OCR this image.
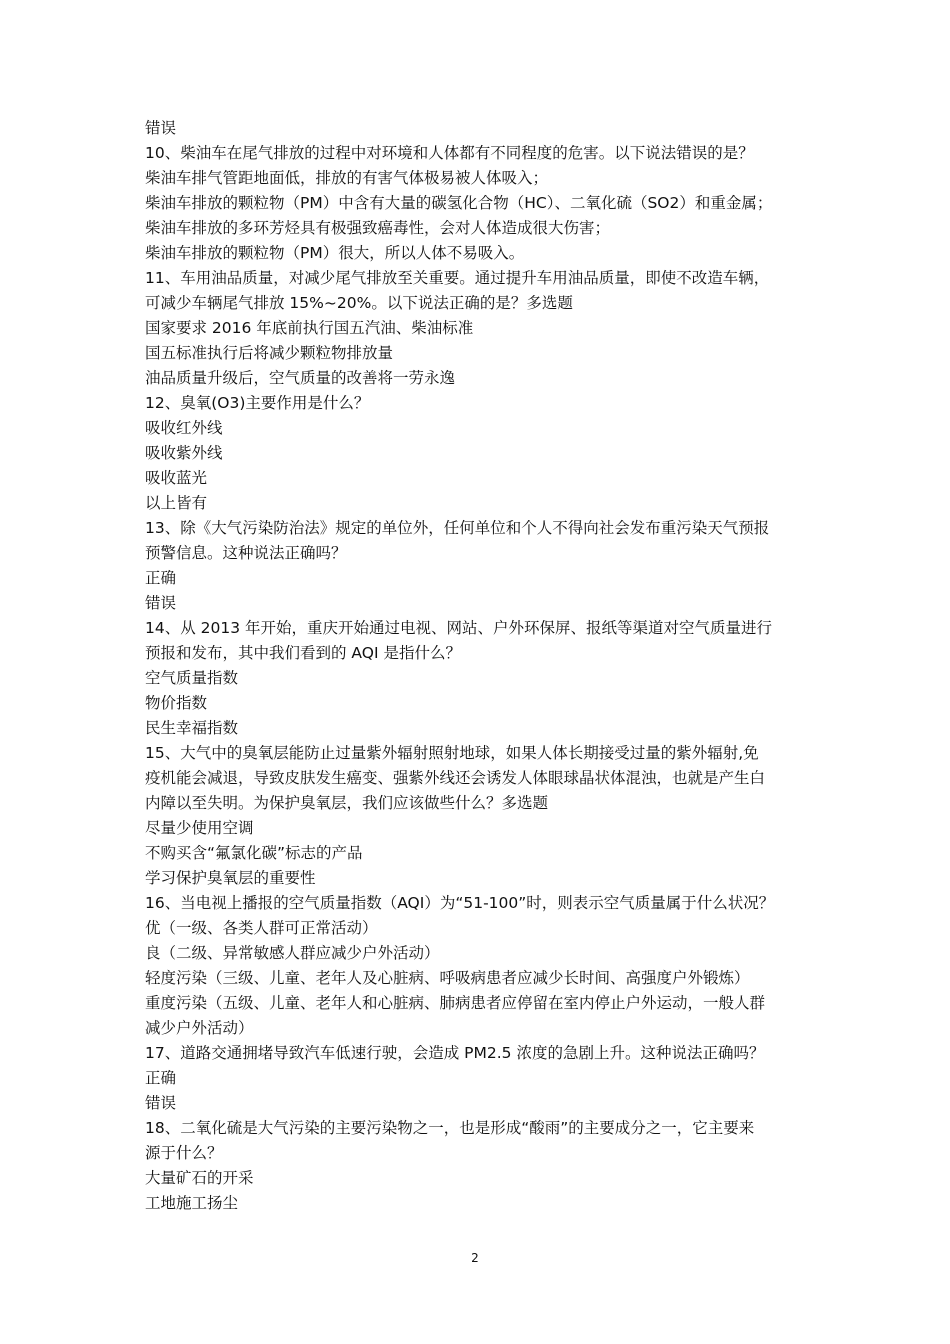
错误
10、柴油车在尾气排放的过程中对环境和人体都有不同程度的危害。以下说法错误的是？
柴油车排气管距地面低，排放的有害气体极易被人体吸入；
柴油车排放的颗粒物（PM）中含有大量的碳氢化合物（HC）、二氧化硫（SO2）和重金属；
柴油车排放的多环芳烃具有极强致癌毒性，会对人体造成很大伤害；
柴油车排放的颗粒物（PM）很大，所以人体不易吸入。
11、车用油品质量，对减少尾气排放至关重要。通过提升车用油品质量，即使不改造车辆，
可减少车辆尾气排放 15%~20%。以下说法正确的是？多选题
国家要求 2016 年底前执行国五汽油、柴油标准
国五标准执行后将减少颗粒物排放量
油品质量升级后，空气质量的改善将一劳永逸
12、臭氧(O3)主要作用是什么？
吸收红外线
吸收紫外线
吸收蓝光
以上皆有
13、除《大气污染防治法》规定的单位外，任何单位和个人不得向社会发布重污染天气预报
预警信息。这种说法正确吗？
正确
错误
14、从 2013 年开始，重庆开始通过电视、网站、户外环保屏、报纸等渠道对空气质量进行
预报和发布，其中我们看到的 AQI 是指什么？
空气质量指数
物价指数
民生幸福指数
15、大气中的臭氧层能防止过量紫外辐射照射地球，如果人体长期接受过量的紫外辐射,免
疫机能会减退，导致皮肤发生癌变、强紫外线还会诱发人体眼球晶状体混浊，也就是产生白
内障以至失明。为保护臭氧层，我们应该做些什么？多选题
尽量少使用空调
不购买含“氟氯化碳”标志的产品
学习保护臭氧层的重要性
16、当电视上播报的空气质量指数（AQI）为“51-100”时，则表示空气质量属于什么状况？
优（一级、各类人群可正常活动）
良（二级、异常敏感人群应减少户外活动）
轻度污染（三级、儿童、老年人及心脏病、呼吸病患者应减少长时间、高强度户外锻炼）
重度污染（五级、儿童、老年人和心脏病、肺病患者应停留在室内停止户外运动，一般人群
减少户外活动）
17、道路交通拥堵导致汽车低速行驶，会造成 PM2.5 浓度的急剧上升。这种说法正确吗？
正确
错误
18、二氧化硫是大气污染的主要污染物之一，也是形成“酸雨”的主要成分之一，它主要来
源于什么？
大量矿石的开采
工地施工扬尘
2
